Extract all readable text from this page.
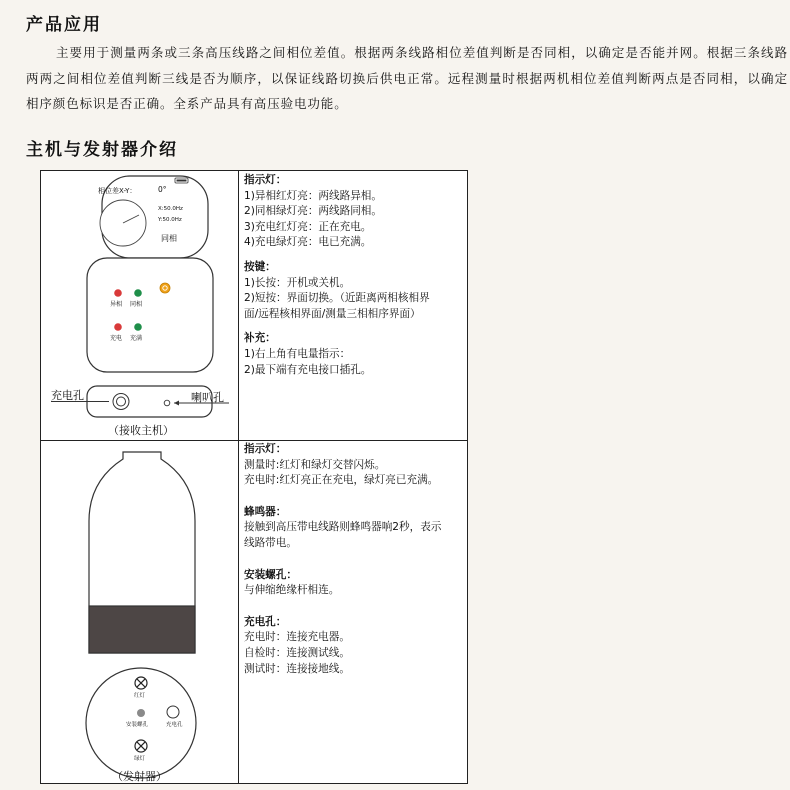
产品应用
主要用于测量两条或三条高压线路之间相位差值。根据两条线路相位差值判断是否同相，以确定是否能并网。根据三条线路两两之间相位差值判断三线是否为顺序，以保证线路切换后供电正常。远程测量时根据两机相位差值判断两点是否同相，以确定相序颜色标识是否正确。全系产品具有高压验电功能。
主机与发射器介绍
相位差X-Y：	0°
X:50.0Hz
Y:50.0Hz
同相
异相 同相
充电 充满
充电孔	喇叭孔
（接收主机）
指示灯：
1)异相红灯亮：两线路异相。
2)同相绿灯亮：两线路同相。
3)充电红灯亮：正在充电。
4)充电绿灯亮：电已充满。
按键：
1)长按：开机或关机。
2)短按：界面切换。（近距离两相核相界
面/远程核相界面/测量三相相序界面）
补充：
1)右上角有电量指示：
2)最下端有充电接口插孔。
红灯
安装螺孔	充电孔
绿灯
（发射器）
指示灯：
测量时:红灯和绿灯交替闪烁。
充电时:红灯亮正在充电，绿灯亮已充满。
蜂鸣器：
接触到高压带电线路则蜂鸣器响2秒，表示
线路带电。
安装螺孔：
与伸缩绝缘杆相连。
充电孔：
充电时：连接充电器。
自检时：连接测试线。
测试时：连接接地线。
